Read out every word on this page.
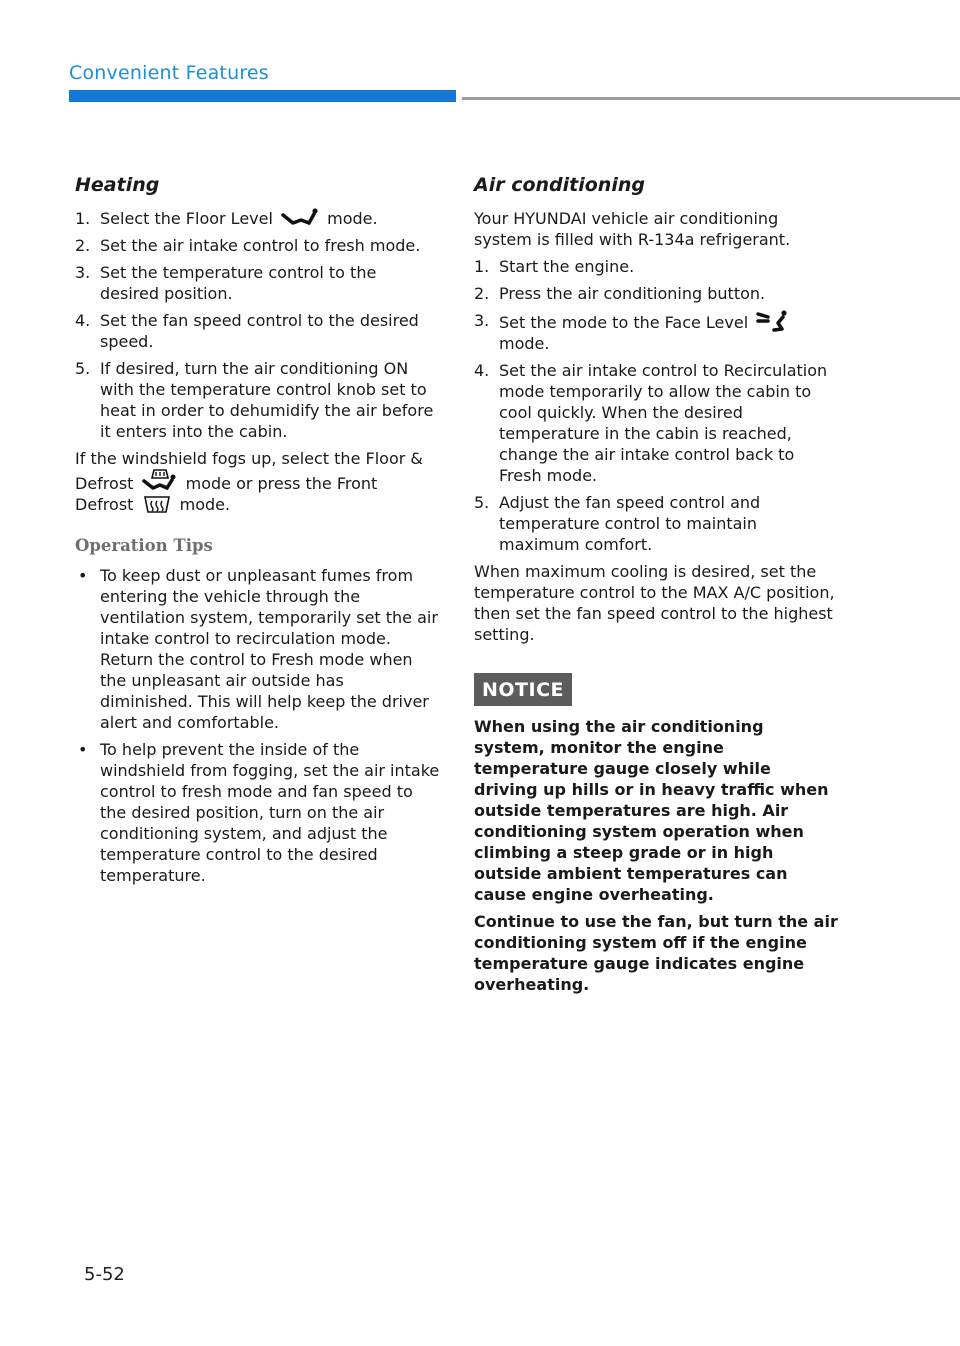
Convenient Features
Heating
1. Select the Floor Level	mode.
2. Set the air intake control to fresh mode.
3. Set the temperature control to the desired position.
4. Set the fan speed control to the desired speed.
5. If desired, turn the air conditioning ON with the temperature control knob set to heat in order to dehumidify the air before it enters into the cabin.

If the windshield fogs up, select the Floor & Defrost	mode or press the Front Defrost	mode.

Operation Tips
• To keep dust or unpleasant fumes from entering the vehicle through the ventilation system, temporarily set the air intake control to recirculation mode. Return the control to Fresh mode when the unpleasant air outside has diminished. This will help keep the driver alert and comfortable.
• To help prevent the inside of the windshield from fogging, set the air intake control to fresh mode and fan speed to the desired position, turn on the air conditioning system, and adjust the temperature control to the desired temperature.
Air conditioning

Your HYUNDAI vehicle air conditioning system is filled with R-134a refrigerant.

1. Start the engine.
2. Press the air conditioning button.
3. Set the mode to the Face Level  mode.
4. Set the air intake control to Recirculation mode temporarily to allow the cabin to cool quickly. When the desired temperature in the cabin is reached, change the air intake control back to Fresh mode.
5. Adjust the fan speed control and temperature control to maintain maximum comfort.

When maximum cooling is desired, set the temperature control to the MAX A/C position, then set the fan speed control to the highest setting.

NOTICE
When using the air conditioning system, monitor the engine temperature gauge closely while driving up hills or in heavy traffic when outside temperatures are high. Air conditioning system operation when climbing a steep grade or in high outside ambient temperatures can cause engine overheating.
Continue to use the fan, but turn the air conditioning system off if the engine temperature gauge indicates engine overheating.
5-52
